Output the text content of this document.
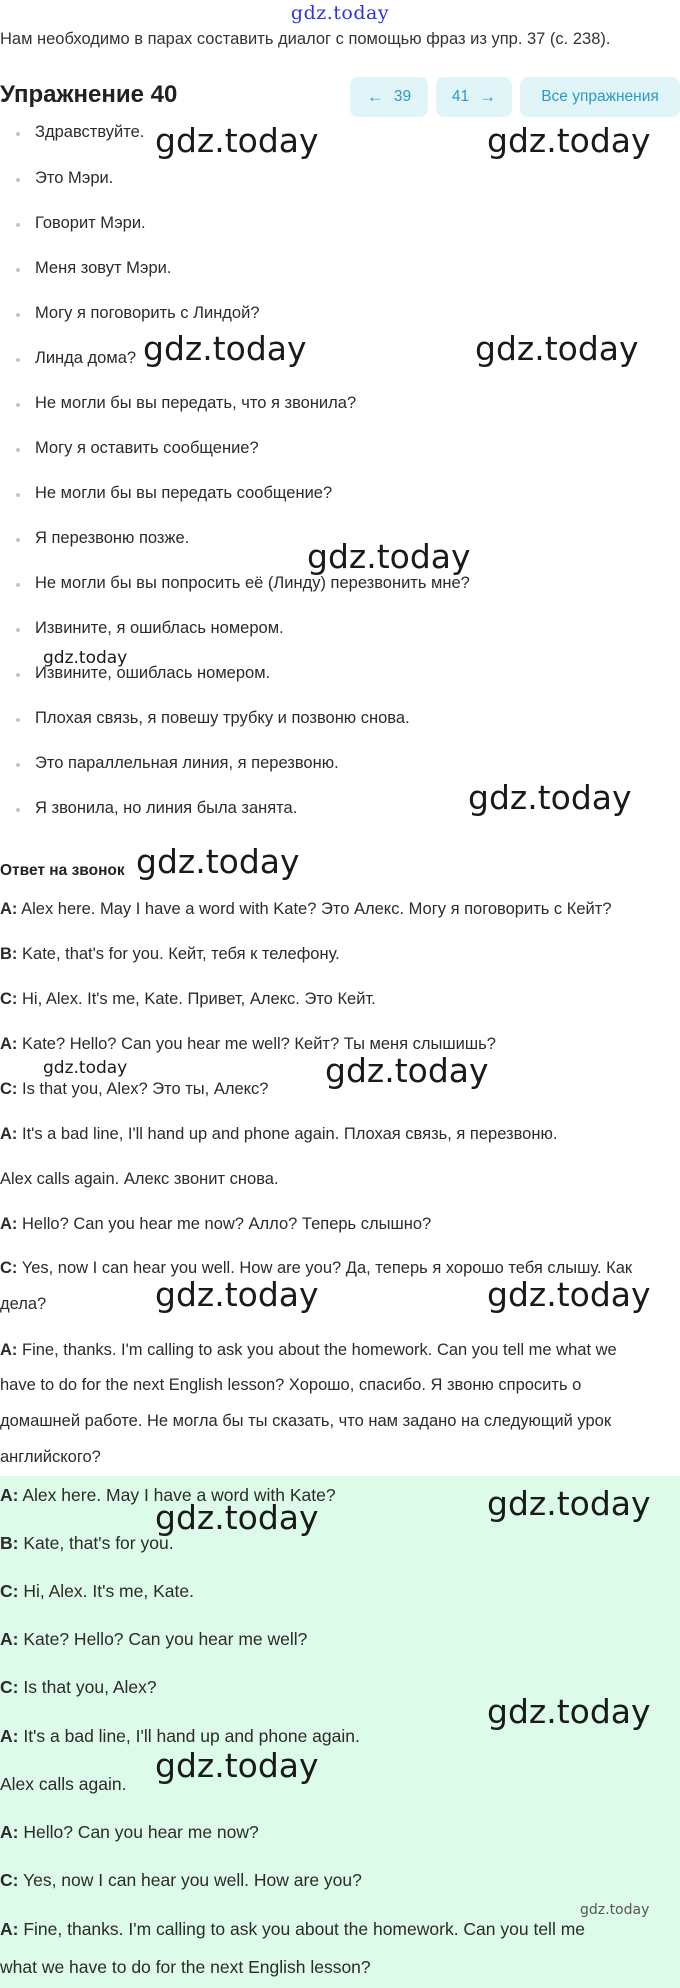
gdz.today
Нам необходимо в парах составить диалог с помощью фраз из упр. 37 (с. 238).
Упражнение 40	← 39	41 →	Все упражнения
Здравствуйте.
Это Мэри.
Говорит Мэри.
Меня зовут Мэри.
Могу я поговорить с Линдой?
Линда дома?
Не могли бы вы передать, что я звонила?
Могу я оставить сообщение?
Не могли бы вы передать сообщение?
Я перезвоню позже.
Не могли бы вы попросить её (Линду) перезвонить мне?
Извините, я ошиблась номером.
Извините, ошиблась номером.
Плохая связь, я повешу трубку и позвоню снова.
Это параллельная линия, я перезвоню.
Я звонила, но линия была занята.
Ответ на звонок
A: Alex here. May I have a word with Kate? Это Алекс. Могу я поговорить с Кейт?
B: Kate, that's for you. Кейт, тебя к телефону.
C: Hi, Alex. It's me, Kate. Привет, Алекс. Это Кейт.
A: Kate? Hello? Can you hear me well? Кейт? Ты меня слышишь?
C: Is that you, Alex? Это ты, Алекс?
A: It's a bad line, I'll hand up and phone again. Плохая связь, я перезвоню.
Alex calls again. Алекс звонит снова.
A: Hello? Can you hear me now? Алло? Теперь слышно?
C: Yes, now I can hear you well. How are you? Да, теперь я хорошо тебя слышу. Как
дела?
A: Fine, thanks. I'm calling to ask you about the homework. Can you tell me what we
have to do for the next English lesson? Хорошо, спасибо. Я звоню спросить о
домашней работе. Не могла бы ты сказать, что нам задано на следующий урок
английского?
A: Alex here. May I have a word with Kate?
B: Kate, that's for you.
C: Hi, Alex. It's me, Kate.
A: Kate? Hello? Can you hear me well?
C: Is that you, Alex?
A: It's a bad line, I'll hand up and phone again.
Alex calls again.
A: Hello? Can you hear me now?
C: Yes, now I can hear you well. How are you?
A: Fine, thanks. I'm calling to ask you about the homework. Can you tell me
what we have to do for the next English lesson?
gdz.today	gdz.today
gdz.today	gdz.today
gdz.today
gdz.today
gdz.today
gdz.today
gdz.today	gdz.today
gdz.today	gdz.today
gdz.today	gdz.today
gdz.today
gdz.today
gdz.today
